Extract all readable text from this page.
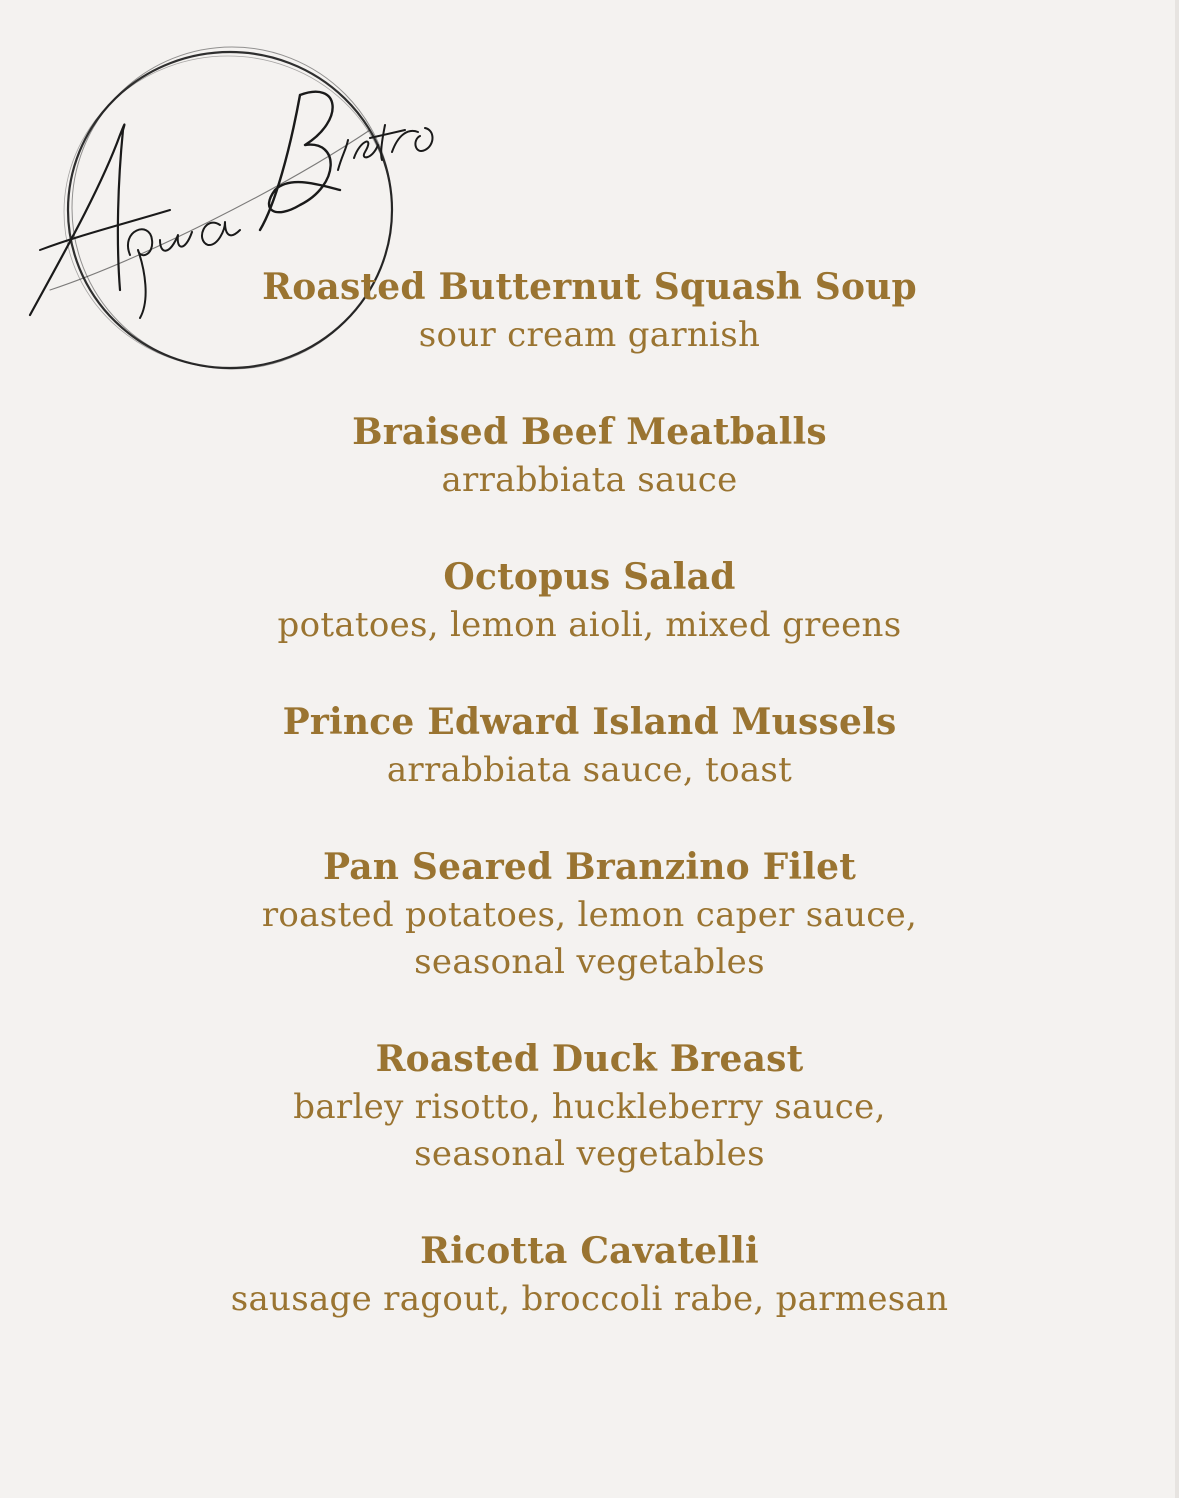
Roasted Butternut Squash Soup
sour cream garnish
Braised Beef Meatballs
arrabbiata sauce
Octopus Salad
potatoes, lemon aioli, mixed greens
Prince Edward Island Mussels
arrabbiata sauce, toast
Pan Seared Branzino Filet
roasted potatoes, lemon caper sauce,
seasonal vegetables
Roasted Duck Breast
barley risotto, huckleberry sauce,
seasonal vegetables
Ricotta Cavatelli
sausage ragout, broccoli rabe, parmesan
